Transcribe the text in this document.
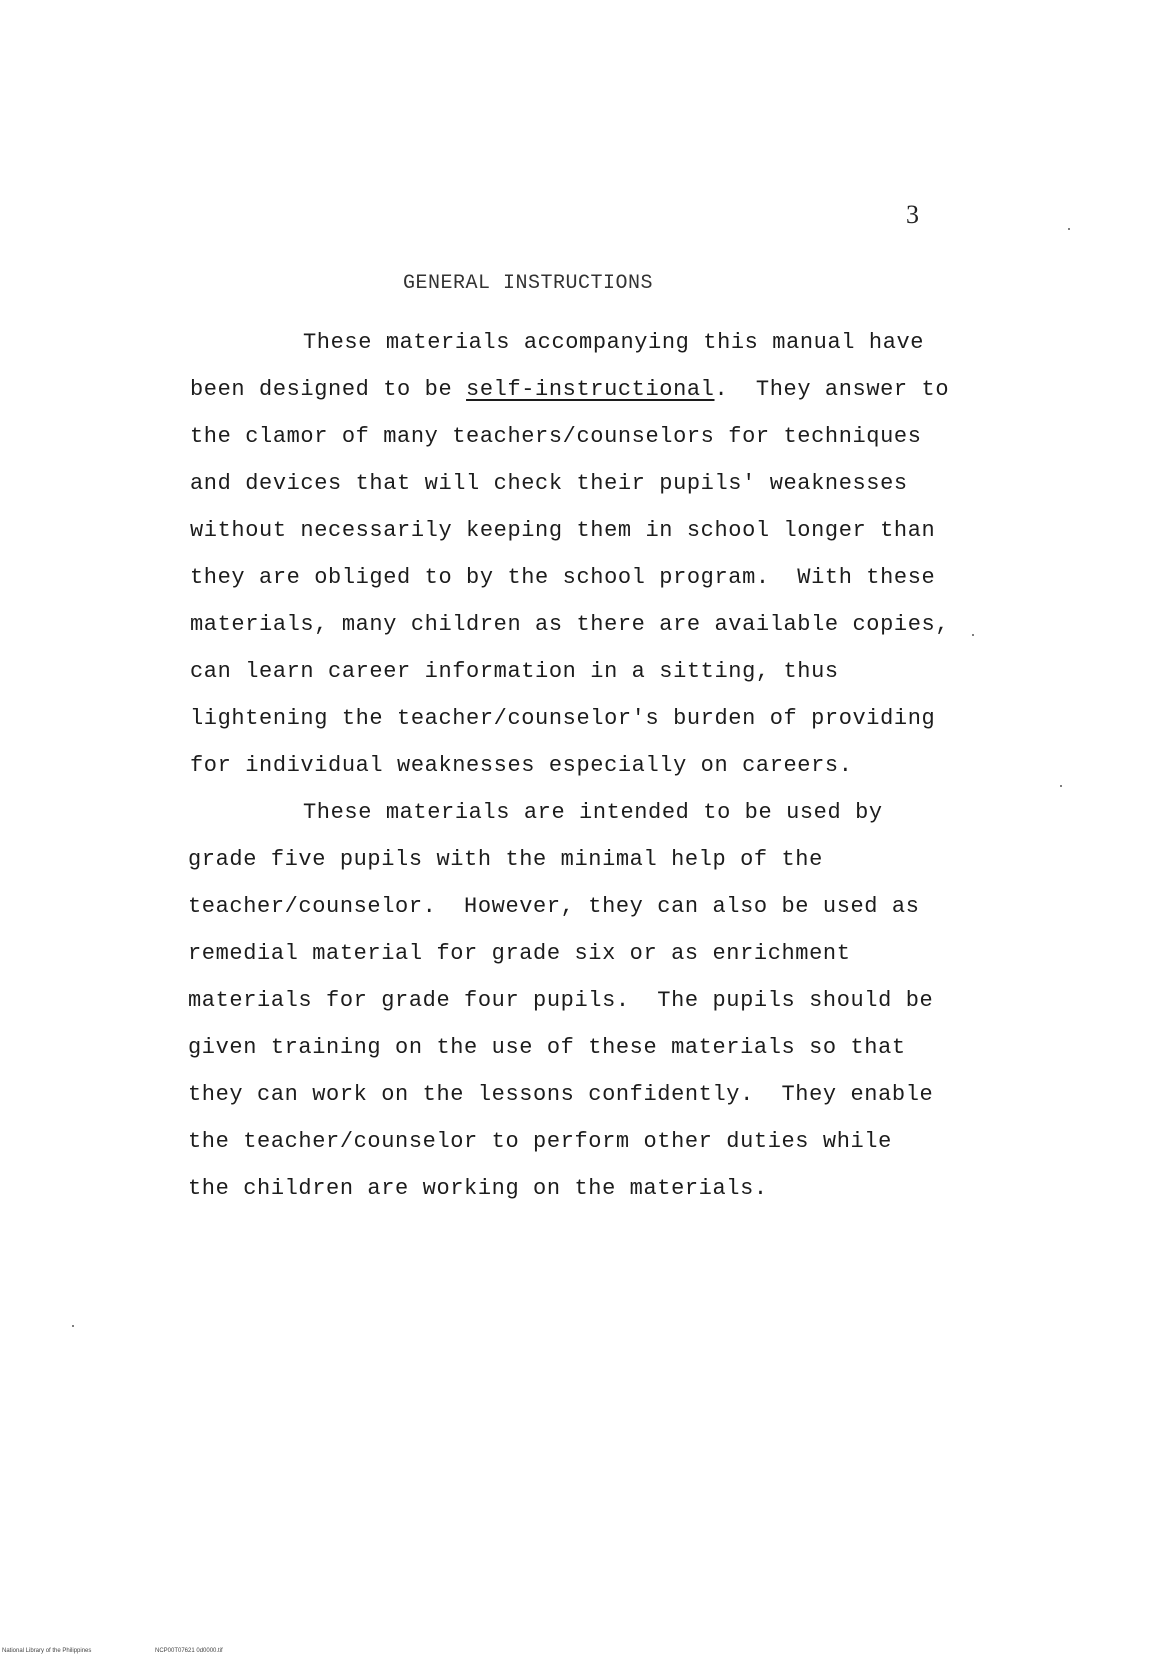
3
GENERAL INSTRUCTIONS
These materials accompanying this manual have
been designed to be self-instructional.  They answer to
the clamor of many teachers/counselors for techniques
and devices that will check their pupils' weaknesses
without necessarily keeping them in school longer than
they are obliged to by the school program.  With these
materials, many children as there are available copies,
can learn career information in a sitting, thus
lightening the teacher/counselor's burden of providing
for individual weaknesses especially on careers.
These materials are intended to be used by
grade five pupils with the minimal help of the
teacher/counselor.  However, they can also be used as
remedial material for grade six or as enrichment
materials for grade four pupils.  The pupils should be
given training on the use of these materials so that
they can work on the lessons confidently.  They enable
the teacher/counselor to perform other duties while
the children are working on the materials.
National Library of the Philippines	NCP00T07621 0d0000.tif
